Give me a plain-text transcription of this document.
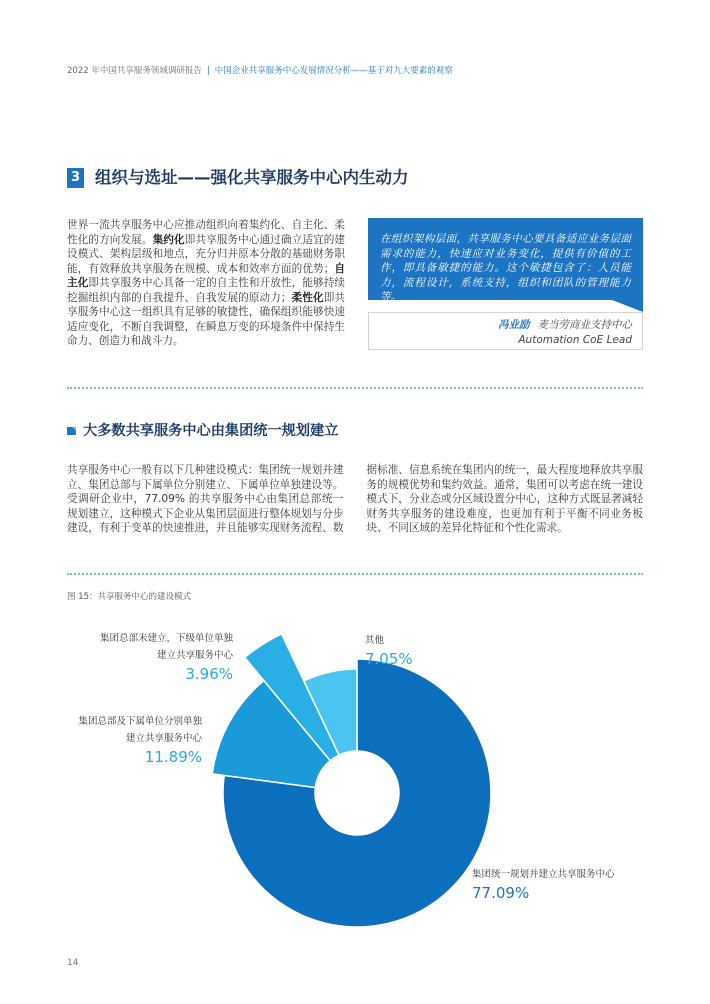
2022 年中国共享服务领域调研报告 | 中国企业共享服务中心发展情况分析——基于对九大要素的观察
3 组织与选址——强化共享服务中心内生动力

世界一流共享服务中心应推动组织向着集约化、自主化、柔性化的方向发展。集约化即共享服务中心通过确立适宜的建设模式、架构层级和地点，充分归并原本分散的基础财务职能，有效释放共享服务在规模、成本和效率方面的优势；自主化即共享服务中心具备一定的自主性和开放性，能够持续挖掘组织内部的自我提升、自我发展的原动力；柔性化即共享服务中心这一组织具有足够的敏捷性，确保组织能够快速适应变化，不断自我调整，在瞬息万变的环境条件中保持生命力、创造力和战斗力。

在组织架构层面，共享服务中心要具备适应业务层面需求的能力，快速应对业务变化，提供有价值的工作，即具备敏捷的能力。这个敏捷包含了：人员能力，流程设计，系统支持，组织和团队的管理能力等。
冯业励 麦当劳商业支持中心
Automation CoE Lead
大多数共享服务中心由集团统一规划建立

共享服务中心一般有以下几种建设模式：集团统一规划并建立、集团总部与下属单位分别建立、下属单位单独建设等。受调研企业中，77.09% 的共享服务中心由集团总部统一规划建立，这种模式下企业从集团层面进行整体规划与分步建设，有利于变革的快速推进，并且能够实现财务流程、数据标准、信息系统在集团内的统一，最大程度地释放共享服务的规模优势和集约效益。通常，集团可以考虑在统一建设模式下，分业态或分区域设置分中心，这种方式既显著减轻财务共享服务的建设难度，也更加有利于平衡不同业务板块、不同区域的差异化特征和个性化需求。

图 15：共享服务中心的建设模式
集团总部未建立，下级单位单独
建立共享服务中心
3.96%
集团总部及下属单位分别单独
建立共享服务中心
11.89%
其他
7.05%
集团统一规划并建立共享服务中心
77.09%
14
